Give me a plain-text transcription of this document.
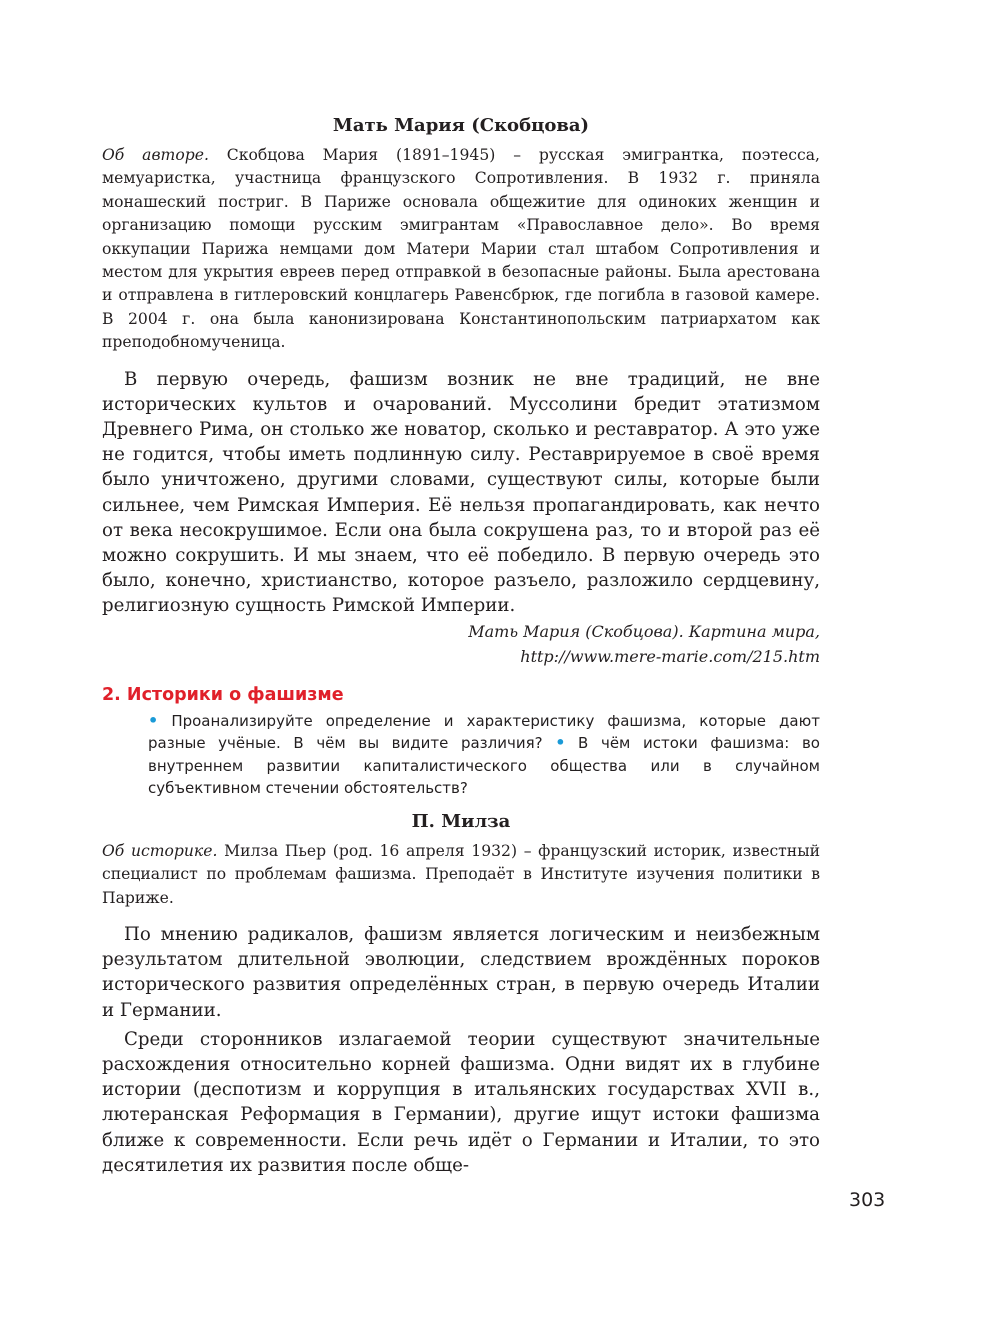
Мать Мария (Скобцова)

Об авторе. Скобцова Мария (1891–1945) – русская эмигрантка, поэтесса, мемуаристка, участница французского Сопротивления. В 1932 г. приняла монашеский постриг. В Париже основала общежитие для одиноких женщин и организацию помощи русским эмигрантам «Православное дело». Во время оккупации Парижа немцами дом Матери Марии стал штабом Сопротивления и местом для укрытия евреев перед отправкой в безопасные районы. Была арестована и отправлена в гитлеровский концлагерь Равенсбрюк, где погибла в газовой камере. В 2004 г. она была канонизирована Константинопольским патриархатом как преподобномученица.

В первую очередь, фашизм возник не вне традиций, не вне исторических культов и очарований. Муссолини бредит этатизмом Древнего Рима, он столько же новатор, сколько и реставратор. А это уже не годится, чтобы иметь подлинную силу. Реставрируемое в своё время было уничтожено, другими словами, существуют силы, которые были сильнее, чем Римская Империя. Её нельзя пропагандировать, как нечто от века несокрушимое. Если она была сокрушена раз, то и второй раз её можно сокрушить. И мы знаем, что её победило. В первую очередь это было, конечно, христианство, которое разъело, разложило сердцевину, религиозную сущность Римской Империи.

Мать Мария (Скобцова). Картина мира,

http://www.mere-marie.com/215.htm

2. Историки о фашизме

• Проанализируйте определение и характеристику фашизма, которые дают разные учёные. В чём вы видите различия? • В чём истоки фашизма: во внутреннем развитии капиталистического общества или в случайном субъективном стечении обстоятельств?

П. Милза

Об историке. Милза Пьер (род. 16 апреля 1932) – французский историк, известный специалист по проблемам фашизма. Преподаёт в Институте изучения политики в Париже.

По мнению радикалов, фашизм является логическим и неизбежным результатом длительной эволюции, следствием врождённых пороков исторического развития определённых стран, в первую очередь Италии и Германии.

Среди сторонников излагаемой теории существуют значительные расхождения относительно корней фашизма. Одни видят их в глубине истории (деспотизм и коррупция в итальянских государствах XVII в., лютеранская Реформация в Германии), другие ищут истоки фашизма ближе к современности. Если речь идёт о Германии и Италии, то это десятилетия их развития после обще-

303
